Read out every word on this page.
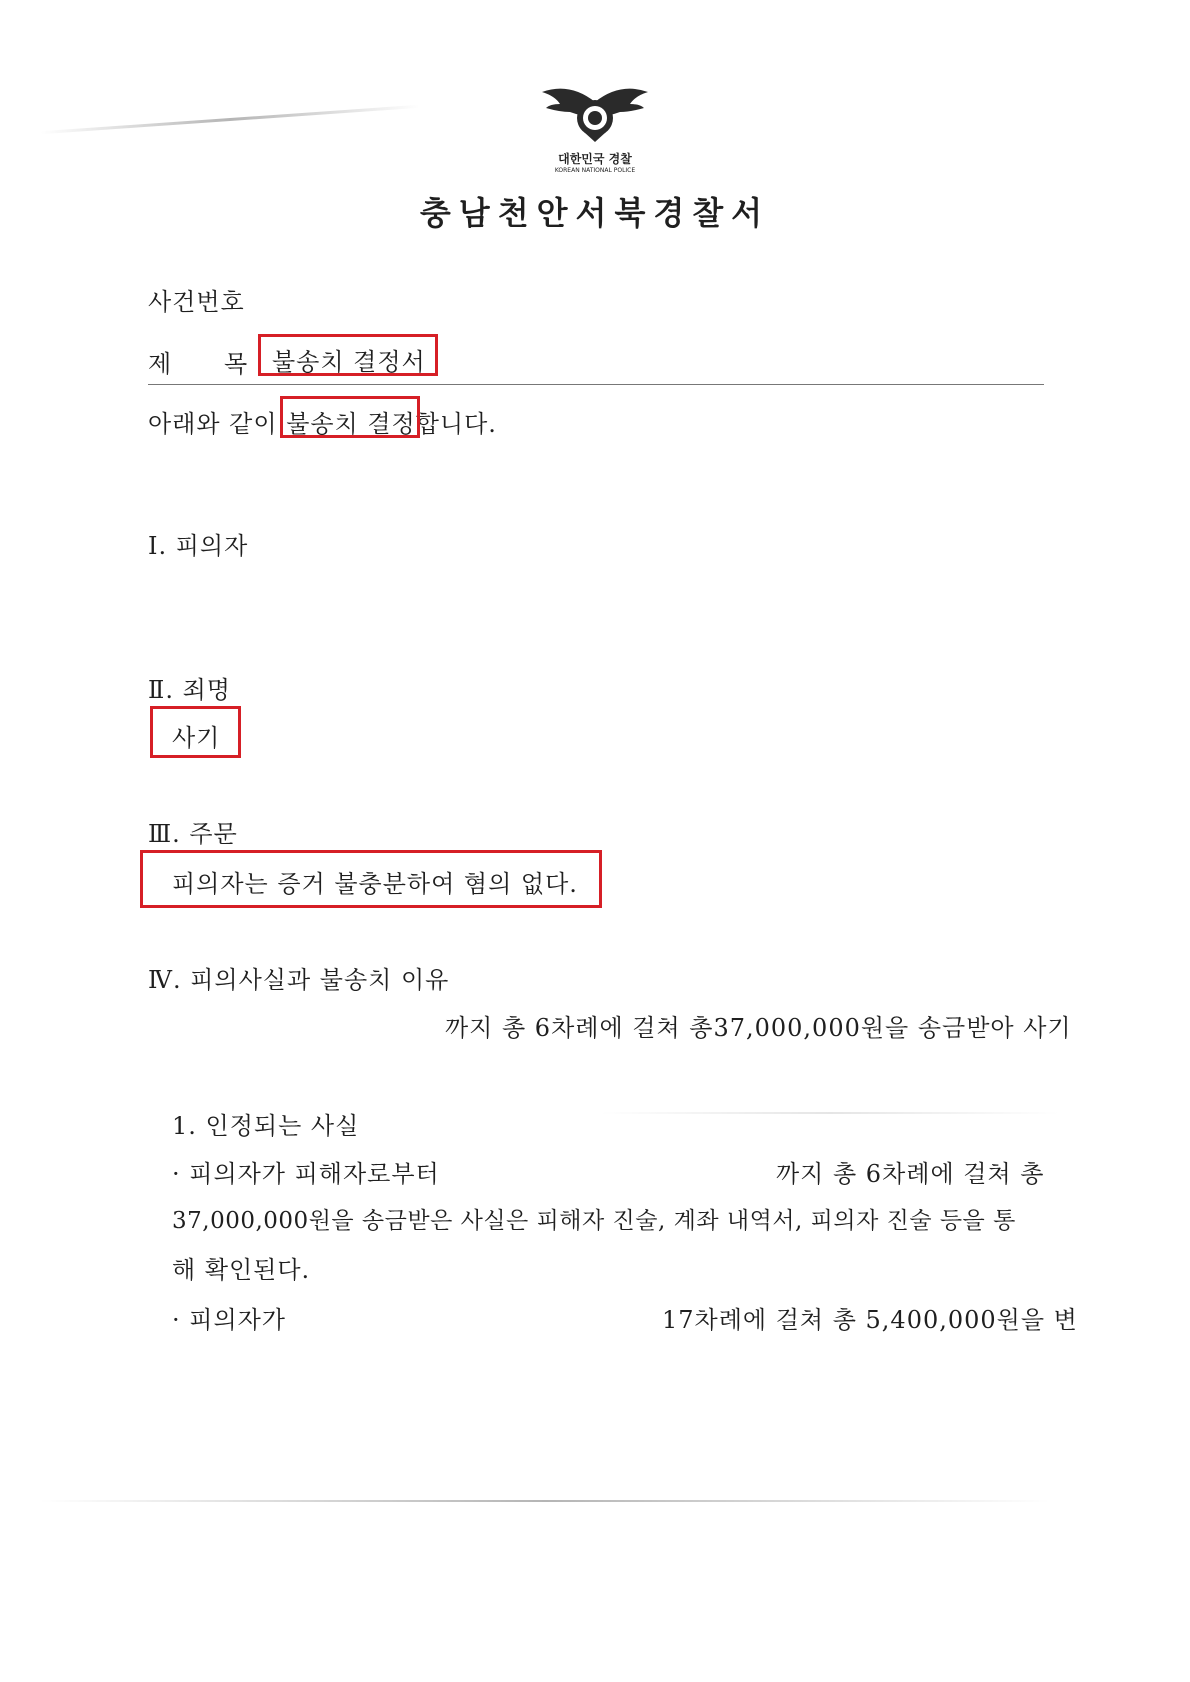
대한민국 경찰
KOREAN NATIONAL POLICE
충남천안서북경찰서
사건번호
제      목 불송치 결정서
아래와 같이 불송치 결정합니다.
Ⅰ. 피의자
Ⅱ. 죄명
사기
Ⅲ. 주문
피의자는 증거 불충분하여 혐의 없다.
Ⅳ. 피의사실과 불송치 이유
까지 총 6차례에 걸쳐 총37,000,000원을 송금받아 사기
1. 인정되는 사실
· 피의자가 피해자로부터	까지 총 6차례에 걸쳐 총
37,000,000원을 송금받은 사실은 피해자 진술, 계좌 내역서, 피의자 진술 등을 통
해 확인된다.
· 피의자가	17차례에 걸쳐 총 5,400,000원을 변
